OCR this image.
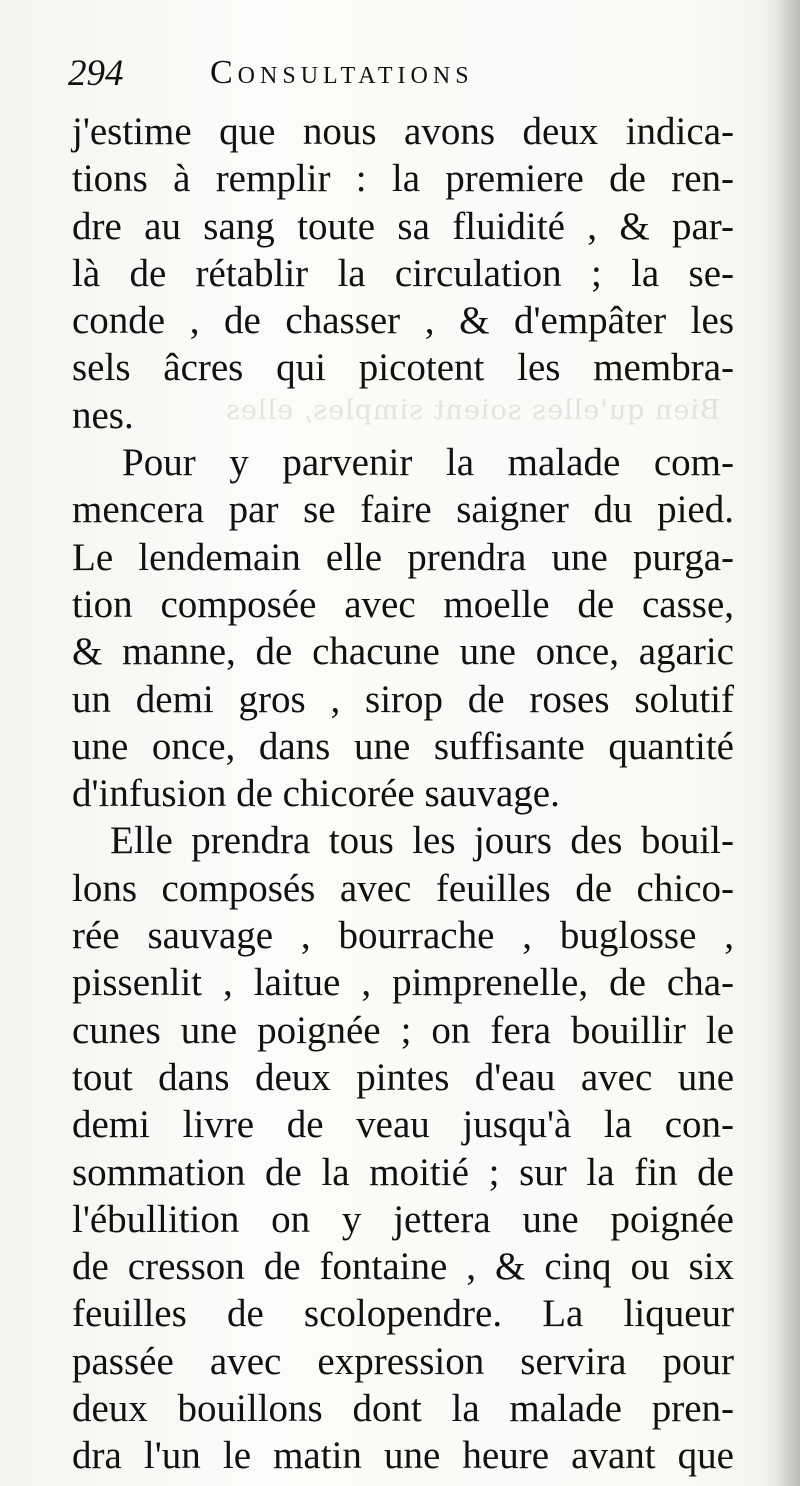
Bien qu'elles soient simples, elles
294	Consultations
j'estime que nous avons deux indica-
tions à remplir : la premiere de ren-
dre au sang toute sa fluidité , & par-
là de rétablir la circulation ; la se-
conde , de chasser , & d'empâter les
sels âcres qui picotent les membra-
nes.
Pour y parvenir la malade com-
mencera par se faire saigner du pied.
Le lendemain elle prendra une purga-
tion composée avec moelle de casse,
& manne, de chacune une once, agaric
un demi gros , sirop de roses solutif
une once, dans une suffisante quantité
d'infusion de chicorée sauvage.
Elle prendra tous les jours des bouil-
lons composés avec feuilles de chico-
rée sauvage , bourrache , buglosse ,
pissenlit , laitue , pimprenelle, de cha-
cunes une poignée ; on fera bouillir le
tout dans deux pintes d'eau avec une
demi livre de veau jusqu'à la con-
sommation de la moitié ; sur la fin de
l'ébullition on y jettera une poignée
de cresson de fontaine , & cinq ou six
feuilles de scolopendre. La liqueur
passée avec expression servira pour
deux bouillons dont la malade pren-
dra l'un le matin une heure avant que
